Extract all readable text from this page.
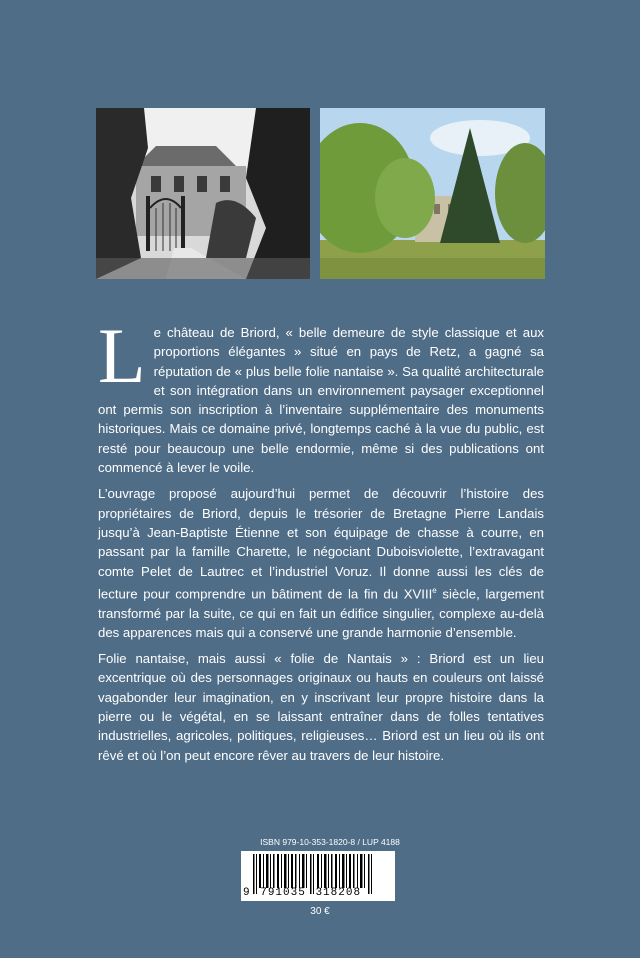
Le château de Briord, « belle demeure de style classique et aux proportions élégantes » situé en pays de Retz, a gagné sa réputation de « plus belle folie nantaise ». Sa qualité architecturale et son intégration dans un environnement paysager exceptionnel ont permis son inscription à l’inventaire supplémentaire des monuments historiques. Mais ce domaine privé, longtemps caché à la vue du public, est resté pour beaucoup une belle endormie, même si des publications ont commencé à lever le voile.

L’ouvrage proposé aujourd’hui permet de découvrir l’histoire des propriétaires de Briord, depuis le trésorier de Bretagne Pierre Landais jusqu’à Jean-Baptiste Étienne et son équipage de chasse à courre, en passant par la famille Charette, le négociant Duboisviolette, l’extravagant comte Pelet de Lautrec et l’industriel Voruz. Il donne aussi les clés de lecture pour comprendre un bâtiment de la fin du XVIIIe siècle, largement transformé par la suite, ce qui en fait un édifice singulier, complexe au-delà des apparences mais qui a conservé une grande harmonie d’ensemble.

Folie nantaise, mais aussi « folie de Nantais » : Briord est un lieu excentrique où des personnages originaux ou hauts en couleurs ont laissé vagabonder leur imagination, en y inscrivant leur propre histoire dans la pierre ou le végétal, en se laissant entraîner dans de folles tentatives industrielles, agricoles, politiques, religieuses… Briord est un lieu où ils ont rêvé et où l’on peut encore rêver au travers de leur histoire.

ISBN 979-10-353-1820-8 / LUP 4188
9 791035 318208
30 €
